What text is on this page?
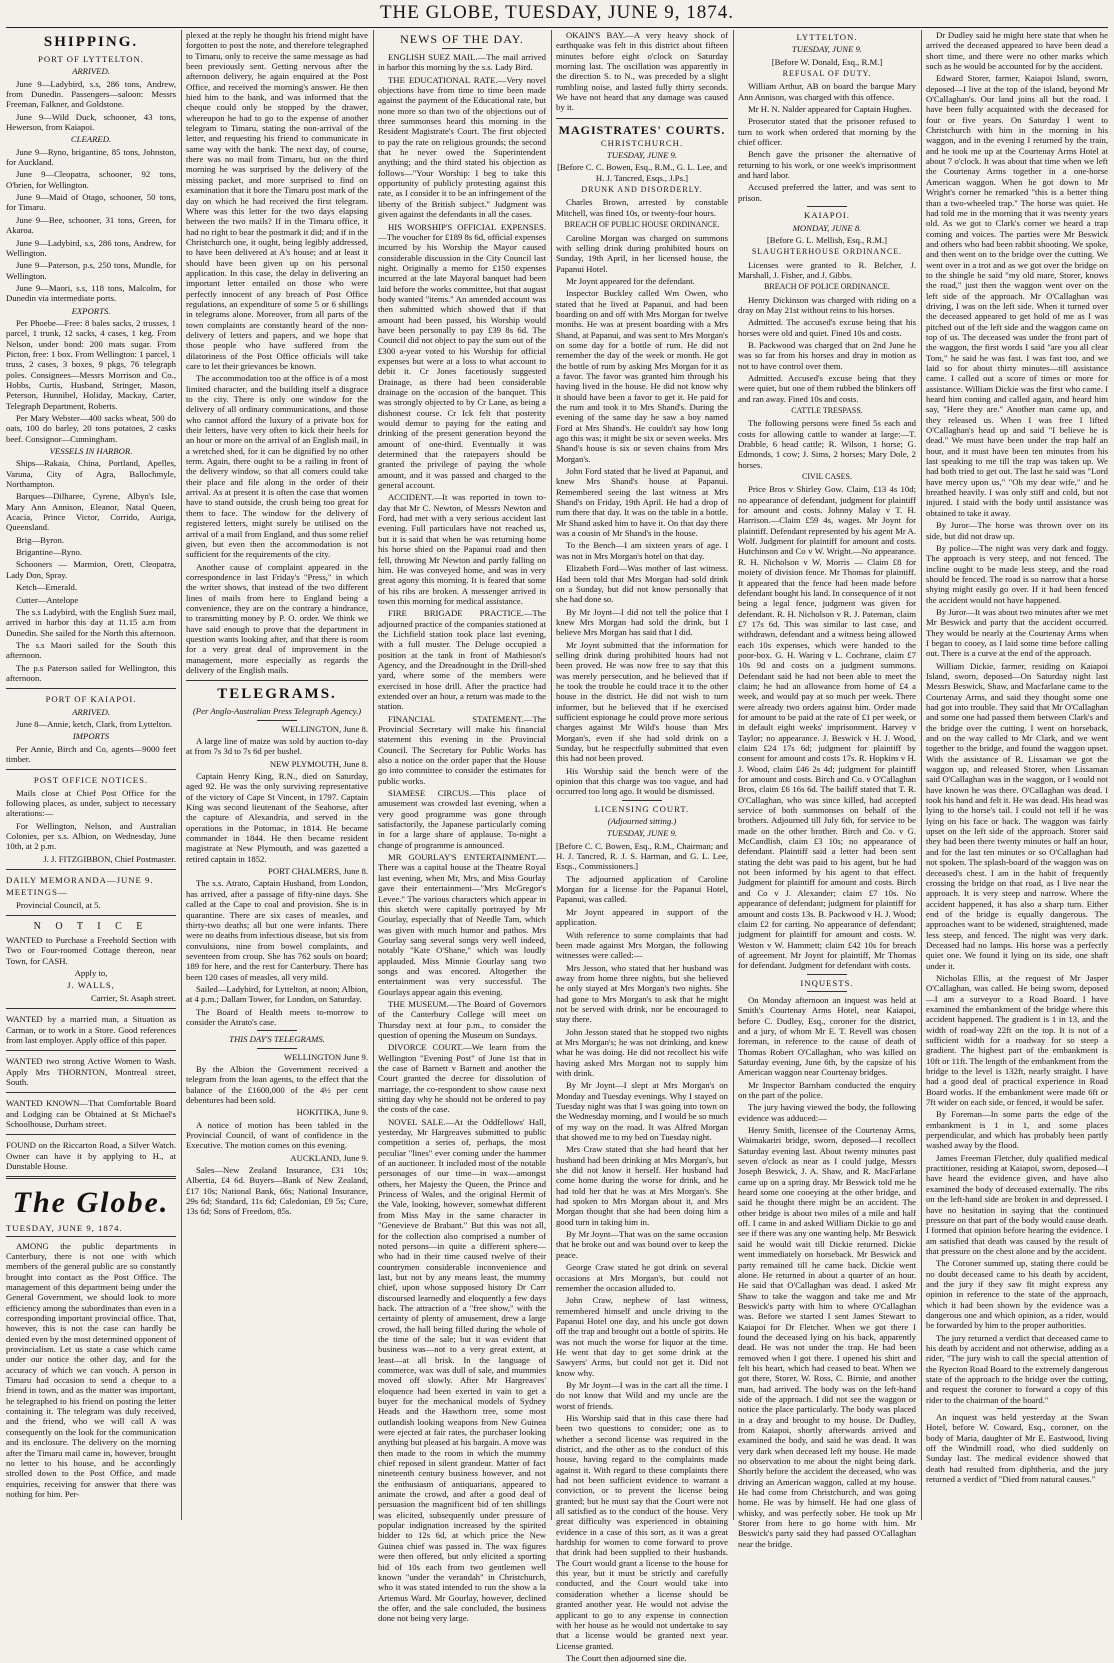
THE GLOBE, TUESDAY, JUNE 9, 1874.
SHIPPING.
PORT OF LYTTELTON.
ARRIVED.

June 9—Ladybird, s.s, 286 tons, Andrew, from Dunedin. Passengers—saloon: Messrs Freeman, Falkner, and Goldstone.

June 9—Wild Duck, schooner, 43 tons, Hewerson, from Kaiapoi.

CLEARED.

June 9—Ryno, brigantine, 85 tons, Johnston, for Auckland.

June 9—Cleopatra, schooner, 92 tons, O'brien, for Wellington.

June 9—Maid of Otago, schooner, 50 tons, for Timaru.

June 9—Bee, schooner, 31 tons, Green, for Akaroa.

June 9—Ladybird, s.s, 286 tons, Andrew, for Wellington.

June 9—Paterson, p.s, 250 tons, Mundle, for Wellington.

June 9—Maori, s.s, 118 tons, Malcolm, for Dunedin via intermediate ports.

EXPORTS.

Per Phoebe—Free: 8 bales sacks, 2 trusses, 1 parcel, 1 trunk, 12 sacks, 4 cases, 1 keg. From Nelson, under bond: 200 mats sugar. From Picton, free: 1 box. From Wellington: 1 parcel, 1 truss, 2 cases, 3 boxes, 9 pkgs, 76 telegraph poles. Consignees—Messrs Morrison and Co., Hobbs, Curtis, Husband, Stringer, Mason, Peterson, Hunnibel, Holiday, Mackay, Carter, Telegraph Department, Roberts.

Per Mary Webster—400 sacks wheat, 500 do oats, 100 do barley, 20 tons potatoes, 2 casks beef. Consignor—Cunningham.

VESSELS IN HARBOR.

Ships—Rakaia, China, Portland, Apelles, Varuna, City of Agra, Ballochmyle, Northampton.

Barques—Dilharee, Cyrene, Albyn's Isle, Mary Ann Annison, Eleanor, Natal Queen, Acacia, Prince Victor, Corrido, Auriga, Queensland.

Brig—Byron.

Brigantine—Ryno.

Schooners — Marmion, Orett, Cleopatra, Lady Don, Spray.

Ketch—Emerald.

Cutter—Antelope

The s.s Ladybird, with the English Suez mail, arrived in harbor this day at 11.15 a.m from Dunedin. She sailed for the North this afternoon.

The s.s Maori sailed for the South this afternoon.

The p.s Paterson sailed for Wellington, this afternoon.

PORT OF KAIAPOI.
ARRIVED.

June 8—Annie, ketch, Clark, from Lyttelton.

IMPORTS

Per Annie, Birch and Co, agents—9000 feet timber.

POST OFFICE NOTICES.

Mails close at Chief Post Office for the following places, as under, subject to necessary alterations:—

For Wellington, Nelson, and Australian Colonies, per s.s. Albion, on Wednesday, June 10th, at 2 p.m.

J. J. FITZGIBBON, Chief Postmaster.

DAILY MEMORANDA—JUNE 9.

MEETINGS—

Provincial Council, at 5.

N O T I C E

WANTED to Purchase a Freehold Section with Two or Four-roomed Cottage thereon, near Town, for CASH.

Apply to,

J. WALLS,

Carrier, St. Asaph street.

WANTED by a married man, a Situation as Carman, or to work in a Store. Good references from last employer. Apply office of this paper.

WANTED two strong Active Women to Wash. Apply Mrs THORNTON, Montreal street, South.

WANTED KNOWN—That Comfortable Board and Lodging can be Obtained at St Michael's Schoolhouse, Durham street.

FOUND on the Riccarton Road, a Silver Watch. Owner can have it by applying to H., at Dunstable House.

The Globe.
TUESDAY, JUNE 9, 1874.

AMONG the public departments in Canterbury, there is not one with which members of the general public are so constantly brought into contact as the Post Office. The management of this department being under the General Government, we should look to more efficiency among the subordinates than even in a corresponding important provincial office. That, however, this is not the case can hardly be denied even by the most determined opponent of provincialism. Let us state a case which came under our notice the other day, and for the accuracy of which we can vouch. A person in Timaru had occasion to send a cheque to a friend in town, and as the matter was important, he telegraphed to his friend on posting the letter containing it. The telegram was duly received, and the friend, who we will call A was consequently on the look for the communication and its enclosure. The delivery on the morning after the Timaru mail came in, however, brought no letter to his house, and he accordingly strolled down to the Post Office, and made enquiries, receiving for answer that there was nothing for him. Per-

plexed at the reply he thought his friend might have forgotten to post the note, and therefore telegraphed to Timaru, only to receive the same message as had been previously sent. Getting nervous after the afternoon delivery, he again enquired at the Post Office, and received the morning's answer. He then hied him to the bank, and was informed that the cheque could only be stopped by the drawer, whereupon he had to go to the expense of another telegram to Timaru, stating the non-arrival of the letter, and requesting his friend to communicate in same way with the bank. The next day, of course, there was no mail from Timaru, but on the third morning he was surprised by the delivery of the missing packet, and more surprised to find on examination that it bore the Timaru post mark of the day on which he had received the first telegram. Where was this letter for the two days elapsing between the two mails? If in the Timaru office, it had no right to bear the postmark it did; and if in the Christchurch one, it ought, being legibly addressed, to have been delivered at A's house; and at least it should have been given up on his personal application. In this case, the delay in delivering an important letter entailed on those who were perfectly innocent of any breach of Post Office regulations, an expenditure of some 5 or 6 shillings in telegrams alone. Moreover, from all parts of the town complaints are constantly heard of the non-delivery of letters and papers, and we hope that those people who have suffered from the dilatoriness of the Post Office officials will take care to let their grievances be known.

The accommodation too at the office is of a most limited character, and the building itself a disgrace to the city. There is only one window for the delivery of all ordinary communications, and those who cannot afford the luxury of a private box for their letters, have very often to kick their heels for an hour or more on the arrival of an English mail, in a wretched shed, for it can be dignified by no other term. Again, there ought to be a railing in front of the delivery window, so that all comers could take their place and file along in the order of their arrival. As at present it is often the case that women have to stand outside, the crush being too great for them to face. The window for the delivery of registered letters, might surely be utilised on the arrival of a mail from England, and thus some relief given, but even then the accommodation is not sufficient for the requirements of the city.

Another cause of complaint appeared in the correspondence in last Friday's "Press," in which the writer shows, that instead of the two different lines of mails from here to England being a convenience, they are on the contrary a hindrance, to transmitting money by P. O. order. We think we have said enough to prove that the department in question wants looking after, and that there is room for a very great deal of improvement in the management, more especially as regards the delivery of the English mails.

TELEGRAMS.
(Per Anglo-Australian Press Telegraph Agency.)

WELLINGTON, June 8.

A large line of maize was sold by auction to-day at from 7s 3d to 7s 6d per bushel.

NEW PLYMOUTH, June 8.

Captain Henry King, R.N., died on Saturday, aged 92. He was the only surviving representative of the victory of Cape St Vincent, in 1797. Captain King was second lieutenant of the Seahorse, after the capture of Alexandria, and served in the operations in the Potomac, in 1814. He became commander in 1844. He then became resident magistrate at New Plymouth, and was gazetted a retired captain in 1852.

PORT CHALMERS, June 8.

The s.s. Atrato, Captain Husband, from London, has arrived, after a passage of fifty-nine days. She called at the Cape to coal and provision. She is in quarantine. There are six cases of measles, and thirty-two deaths; all but one were infants. There were no deaths from infectious disease, but six from convulsions, nine from bowel complaints, and seventeen from croup. She has 762 souls on board; 189 for here, and the rest for Canterbury. There has been 120 cases of measles, all very mild.

Sailed—Ladybird, for Lyttelton, at noon; Albion, at 4 p.m.; Dallam Tower, for London, on Saturday.

The Board of Health meets to-morrow to consider the Atrato's case.

THIS DAY'S TELEGRAMS.

WELLINGTON June 9.

By the Albion the Government received a telegram from the loan agents, to the effect that the balance of the £1600,000 of the 4½ per cent debentures had been sold.

HOKITIKA, June 9.

A notice of motion has been tabled in the Provincial Council, of want of confidence in the Executive. The motion comes on this evening.

AUCKLAND, June 9.

Sales—New Zealand Insurance, £31 10s; Albertia, £4 6d. Buyers—Bank of New Zealand, £17 10s; National Bank, 66s; National Insurance, 29s 6d; Standard, 11s 6d; Caledonian, £9 5s; Cure, 13s 6d; Sons of Freedom, 85s.

NEWS OF THE DAY.

ENGLISH SUEZ MAIL.—The mail arrived in harbor this morning by the s.s. Lady Bird.

THE EDUCATIONAL RATE.—Very novel objections have from time to time been made against the payment of the Educational rate, but none more so than two of the objections out of three summonses heard this morning in the Resident Magistrate's Court. The first objected to pay the rate on religious grounds; the second that he never owed the Superintendent anything; and the third stated his objection as follows—"Your Worship: I beg to take this opportunity of publicly protesting against this rate, as I consider it to be an infringement of the liberty of the British subject." Judgment was given against the defendants in all the cases.

HIS WORSHIP'S OFFICIAL EXPENSES.—The voucher for £189 8s 6d, official expenses incurred by his Worship the Mayor caused considerable discussion in the City Council last night. Originally a memo for £150 expenses incurred at the late Mayoral banquet had been laid before the works committee, but that august body wanted "items." An amended account was then submitted which showed that if that amount had been passed, his Worship would have been personally to pay £39 8s 6d. The Council did not object to pay the sum out of the £300 a-year voted to his Worship for official expenses but were at a loss to what account to debit it. Cr Jones facetiously suggested Drainage, as there had been considerable drainage on the occasion of the banquet. This was strongly objected to by Cr Lane, as being a dishonest course. Cr Ick felt that posterity would demur to paying for the eating and drinking of the present generation beyond the amount of one-third. Eventually it was determined that the ratepayers should be granted the privilege of paying the whole amount, and it was passed and charged to the general account.

ACCIDENT.—It was reported in town to-day that Mr C. Newton, of Messrs Newton and Ford, had met with a very serious accident last evening. Full particulars have not reached us, but it is said that when he was returning home his horse shied on the Papanui road and then fell, throwing Mr Newton and partly falling on him. He was conveyed home, and was in very great agony this morning. It is feared that some of his ribs are broken. A messenger arrived in town this morning for medical assistance.

FIRE BRIGADE PRACTICE.—The adjourned practice of the companies stationed at the Lichfield station took place last evening, with a full muster. The Deluge occupied a position at the tank in front of Mathieson's Agency, and the Dreadnought in the Drill-shed yard, where some of the members were exercised in hose drill. After the practice had extended over an hour, a return was made to the station.

FINANCIAL STATEMENT.—The Provincial Secretary will make his financial statement this evening in the Provincial Council. The Secretary for Public Works has also a notice on the order paper that the House go into committee to consider the estimates for public works.

SIAMESE CIRCUS.—This place of amusement was crowded last evening, when a very good programme was gone through satisfactorily, the Japanese particularly coming in for a large share of applause. To-night a change of programme is announced.

MR GOURLAY'S ENTERTAINMENT.—There was a capital house at the Theatre Royal last evening, when Mr, Mrs, and Miss Gourlay gave their entertainment—"Mrs McGregor's Levee." The various characters which appear in this sketch were capitally portrayed by Mr Gourlay, especially that of Needle Tam, which was given with much humor and pathos. Mrs Gourlay sang several songs very well indeed, notably "Kate O'Shane," which was loudly applauded. Miss Minnie Gourlay sang two songs and was encored. Altogether the entertainment was very successful. The Gourlays appear again this evening.

THE MUSEUM.—The Board of Governors of the Canterbury College will meet on Thursday next at four p.m., to consider the question of opening the Museum on Sundays.

DIVORCE COURT.—We learn from the Wellington "Evening Post" of June 1st that in the case of Barnett v Barnett and another the Court granted the decree for dissolution of marriage, the co-respondent to show cause next sitting day why he should not be ordered to pay the costs of the case.

NOVEL SALE.—At the Oddfellows' Hall, yesterday, Mr Hargreaves submitted to public competition a series of, perhaps, the most peculiar "lines" ever coming under the hammer of an auctioneer. It included most of the notable personages of our time—in wax—amongst others, her Majesty the Queen, the Prince and Princess of Wales, and the original Hermit of the Vale, looking, however, somewhat different from Miss May in the same character in "Genevieve de Brabant." But this was not all, for the collection also comprised a number of noted persons—in quite a different sphere—who had in their time caused twelve of their countrymen considerable inconvenience and last, but not by any means least, the mummy chief, upon whose supposed history Dr Carr discoursed learnedly and eloquently a few days back. The attraction of a "free show," with the certainty of plenty of amusement, drew a large crowd, the hall being filled during the whole of the time of the sale; but it was evident that business was—not to a very great extent, at least—at all brisk. In the language of commerce, wax was dull of sale, and mummies moved off slowly. After Mr Hargreaves' eloquence had been exerted in vain to get a buyer for the mechanical models of Sydney Heads and the Hawthorn tree, some most outlandish looking weapons from New Guinea were ejected at fair rates, the purchaser looking anything but pleased at his bargain. A move was then made to the room in which the mummy chief reposed in silent grandeur. Matter of fact nineteenth century business however, and not the enthusiasm of antiquarians, appeared to animate the crowd, and after a good deal of persuasion the magnificent bid of ten shillings was elicited, subsequently under pressure of popular indignation increased by the spirited bidder to 12s 6d, at which price the New Guinea chief was passed in. The wax figures were then offered, but only elicited a sporting bid of 10s each from two gentlemen well known "under the verandah" in Christchurch, who it was stated intended to run the show a la Artemus Ward. Mr Gourlay, however, declined the offer, and the sale concluded, the business done not being very large.

OKAIN'S BAY.—A very heavy shock of earthquake was felt in this district about fifteen minutes before eight o'clock on Saturday morning last. The oscillation was apparently in the direction S. to N., was preceded by a slight rumbling noise, and lasted fully thirty seconds. We have not heard that any damage was caused by it.

MAGISTRATES' COURTS.
CHRISTCHURCH.
TUESDAY, JUNE 9.

[Before C. C. Bowen, Esq., R.M., G. L. Lee, and H. J. Tancred, Esqs., J.Ps.]

DRUNK AND DISORDERLY.

Charles Brown, arrested by constable Mitchell, was fined 10s, or twenty-four hours.

BREACH OF PUBLIC HOUSE ORDINANCE.

Caroline Morgan was charged on summons with selling drink during prohibited hours on Sunday, 19th April, in her licensed house, the Papanui Hotel.

Mr Joynt appeared for the defendant.

Inspector Buckley called Wm Owen, who stated that he lived at Papanui, and had been boarding on and off with Mrs Morgan for twelve months. He was at present boarding with a Mrs Shand, at Papanui, and was sent to Mrs Morgan's on some day for a bottle of rum. He did not remember the day of the week or month. He got the bottle of rum by asking Mrs Morgan for it as a favor. The favor was granted him through his having lived in the house. He did not know why it should have been a favor to get it. He paid for the rum and took it to Mrs Shand's. During the evening of the same day he saw a boy named Ford at Mrs Shand's. He couldn't say how long ago this was; it might be six or seven weeks. Mrs Shand's house is six or seven chains from Mrs Morgan's.

John Ford stated that he lived at Papanui, and knew Mrs Shand's house at Papanui. Remembered seeing the last witness at Mrs Shand's on Friday, 19th April. He had a drop of rum there that day. It was on the table in a bottle. Mr Shand asked him to have it. On that day there was a cousin of Mr Shand's in the house.

To the Bench—I am sixteen years of age. I was not in Mrs Morgan's hotel on that day.

Elizabeth Ford—Was mother of last witness. Had been told that Mrs Morgan had sold drink on a Sunday, but did not know personally that she had done so.

By Mr Joynt—I did not tell the police that I knew Mrs Morgan had sold the drink, but I believe Mrs Morgan has said that I did.

Mr Joynt submitted that the information for selling drink during prohibited hours had not been proved. He was now free to say that this was merely persecution, and he believed that if he took the trouble he could trace it to the other house in the district. He did not wish to turn informer, but he believed that if he exercised sufficient espionage he could prove more serious charges against Mr Wild's house than Mrs Morgan's, even if she had sold drink on a Sunday, but he respectfully submitted that even this had not been proved.

His Worship said the bench were of the opinion that this charge was too vague, and had occurred too long ago. It would be dismissed.

LICENSING COURT.
(Adjourned sitting.)
TUESDAY, JUNE 9.

[Before C. C. Bowen, Esq., R.M., Chairman; and H. J. Tancred, R. J. S. Harman, and G. L. Lee, Esqs., Commissioners.]

The adjourned application of Caroline Morgan for a license for the Papanui Hotel, Papanui, was called.

Mr Joynt appeared in support of the application.

With reference to some complaints that had been made against Mrs Morgan, the following witnesses were called:—

Mrs Jesson, who stated that her husband was away from home three nights, but she believed he only stayed at Mrs Morgan's two nights. She had gone to Mrs Morgan's to ask that he might not be served with drink, nor be encouraged to stay there.

John Jesson stated that he stopped two nights at Mrs Morgan's; he was not drinking, and knew what he was doing. He did not recollect his wife having asked Mrs Morgan not to supply him with drink.

By Mr Joynt—I slept at Mrs Morgan's on Monday and Tuesday evenings. Why I stayed on Tuesday night was that I was going into town on the Wednesday morning, and I would be so much of my way on the road. It was Alfred Morgan that showed me to my bed on Tuesday night.

Mrs Craw stated that she had heard that her husband had been drinking at Mrs Morgan's, but she did not know it herself. Her husband had come home during the worse for drink, and he had told her that he was at Mrs Morgan's. She had spoken to Mrs Morgan about it, and Mrs Morgan thought that she had been doing him a good turn in taking him in.

By Mr Joynt—That was on the same occasion that he broke out and was bound over to keep the peace.

George Craw stated he got drink on several occasions at Mrs Morgan's, but could not remember the occasion alluded to.

John Craw, nephew of last witness, remembered himself and uncle driving to the Papanui Hotel one day, and his uncle got down off the trap and brought out a bottle of spirits. He was not much the worse for liquor at the time. He went that day to get some drink at the Sawyers' Arms, but could not get it. Did not know why.

By Mr Joynt—I was in the cart all the time. I do not know that Wild and my uncle are the worst of friends.

His Worship said that in this case there had been two questions to consider; one as to whether a second license was required in the district, and the other as to the conduct of this house, having regard to the complaints made against it. With regard to these complaints there had not been sufficient evidence to warrant a conviction, or to prevent the license being granted; but he must say that the Court were not all satisfied as to the conduct of the house. Very great difficulty was experienced in obtaining evidence in a case of this sort, as it was a great hardship for women to come forward to prove that drink had been supplied to their husbands. The Court would grant a license to the house for this year, but it must be strictly and carefully conducted, and the Court would take into consideration whether a license should be granted another year. He would not advise the applicant to go to any expense in connection with her house as he would not undertake to say that a license would be granted next year. License granted.

The Court then adjourned sine die.

LYTTELTON.
TUESDAY, JUNE 9.

[Before W. Donald, Esq., R.M.]

REFUSAL OF DUTY.

William Arthur, AB on board the barque Mary Ann Annison, was charged with this offence.

Mr H. N. Nalder appeared for Captain Hughes.

Prosecutor stated that the prisoner refused to turn to work when ordered that morning by the chief officer.

Bench gave the prisoner the alternative of returning to his work, or one week's imprisonment and hard labor.

Accused preferred the latter, and was sent to prison.

KAIAPOI.
MONDAY, JUNE 8.

[Before G. L. Mellish, Esq., R.M.]

SLAUGHTERHOUSE ORDINANCE.

Licenses were granted to R. Belcher, J. Marshall, J. Fisher, and J. Gibbs.

BREACH OF POLICE ORDINANCE.

Henry Dickinson was charged with riding on a dray on May 21st without reins to his horses.

Admitted. The accused's excuse being that his horses were old and quiet. Fined 10s and costs.

B. Packwood was charged that on 2nd June he was so far from his horses and dray in motion as not to have control over them.

Admitted. Accused's excuse being that they were quiet, but one of them rubbed the blinkers off and ran away. Fined 10s and costs.

CATTLE TRESPASS.

The following persons were fined 5s each and costs for allowing cattle to wander at large:—T. Drabble, 6 head cattle; R. Wilson, 1 horse; G. Edmonds, 1 cow; J. Sims, 2 horses; Mary Dole, 2 horses.

CIVIL CASES.

Price Bros v Shirley Gow. Claim, £13 4s 10d; no appearance of defendant, judgment for plaintiff for amount and costs. Johnny Malay v T. H. Harrison.—Claim £59 4s, wages. Mr Joynt for plaintiff. Defendant represented by his agent Mr A. Wolf. Judgment for plaintiff for amount and costs. Hutchinson and Co v W. Wright.—No appearance. R. H. Nicholson v W. Morris — Claim £8 for moiety of division fence. Mr Thomas for plaintiff. It appeared that the fence had been made before defendant bought his land. In consequence of it not being a legal fence, judgment was given for defendant. R. H. Nicholson v R. J. Pateman, claim £7 17s 6d. This was similar to last case, and withdrawn, defendant and a witness being allowed each 10s expenses, which were handed to the poor-box. G. H. Waring v L. Cochrane, claim £7 10s 9d and costs on a judgment summons. Defendant said he had not been able to meet the claim; he had an allowance from home of £4 a week, and would pay at so much per week. There were already two orders against him. Order made for amount to be paid at the rate of £1 per week, or in default eight weeks' imprisonment. Harvey v Taylor; no appearance. J. Beswick v H. J. Wood, claim £24 17s 6d; judgment for plaintiff by consent for amount and costs 17s. R. Hopkins v H. J. Wood, claim £46 2s 4d; judgment for plaintiff for amount and costs. Birch and Co. v O'Callaghan Bros, claim £6 16s 6d. The bailiff stated that T. R. O'Callaghan, who was since killed, had accepted service of both summonses on behalf of the brothers. Adjourned till July 6th, for service to be made on the other brother. Birch and Co. v G. McCandlish, claim £3 10s; no appearance of defendant. Plaintiff said a letter had been sent stating the debt was paid to his agent, but he had not been informed by his agent to that effect. Judgment for plaintiff for amount and costs. Birch and Co v J. Alexander; claim £7 10s. No appearance of defendant; judgment for plaintiff for amount and costs 13s. B. Packwood v H. J. Wood; claim £2 for carting. No appearance of defendant; judgment for plaintiff for amount and costs. W. Weston v W. Hammett; claim £42 10s for breach of agreement. Mr Joynt for plaintiff, Mr Thomas for defendant. Judgment for defendant with costs.

INQUESTS.

On Monday afternoon an inquest was held at Smith's Courtenay Arms Hotel, near Kaiapoi, before C. Dudley, Esq., coroner for the district, and a jury, of whom Mr E. T. Revell was chosen foreman, in reference to the cause of death of Thomas Robert O'Callaghan, who was killed on Saturday evening, June 6th, by the capsize of his American waggon near Courtenay bridges.

Mr Inspector Barnham conducted the enquiry on the part of the police.

The jury having viewed the body, the following evidence was adduced:—

Henry Smith, licensee of the Courtenay Arms, Waimakariri bridge, sworn, deposed—I recollect Saturday evening last. About twenty minutes past seven o'clock as near as I could judge, Messrs Joseph Beswick, J. A. Shaw, and R. MacFarlane came up on a spring dray. Mr Beswick told me he heard some one cooeying at the other bridge, and said he thought there might be an accident. The other bridge is about two miles of a mile and half off. I came in and asked William Dickie to go and see if there was any one wanting help. Mr Beswick said he would wait till Dickie returned. Dickie went immediately on horseback. Mr Beswick and party remained till he came back. Dickie went alone. He returned in about a quarter of an hour. He said that O'Callaghan was dead. I asked Mr Shaw to take the waggon and take me and Mr Beswick's party with him to where O'Callaghan was. Before we started I sent James Stewart to Kaiapoi for Dr Fletcher. When we got there I found the deceased lying on his back, apparently dead. He was not under the trap. He had been removed when I got there. I opened his shirt and felt his heart, which had ceased to beat. When we got there, Storer, W. Ross, C. Birnie, and another man, had arrived. The body was on the left-hand side of the approach. I did not see the waggon or notice the place particularly. The body was placed in a dray and brought to my house. Dr Dudley, from Kaiapoi, shortly afterwards arrived and examined the body, and said he was dead. It was very dark when deceased left my house. He made no observation to me about the night being dark. Shortly before the accident the deceased, who was driving an American waggon, called at my house. He had come from Christchurch, and was going home. He was by himself. He had one glass of whisky, and was perfectly sober. He took up Mr Storer from here to go home with him. Mr Beswick's party said they had passed O'Callaghan near the bridge.

Dr Dudley said he might here state that when he arrived the deceased appeared to have been dead a short time, and there were no other marks which such as he would be accounted for by the accident.

Edward Storer, farmer, Kaiapoi Island, sworn, deposed—I live at the top of the island, beyond Mr O'Callaghan's. Our land joins all but the road. I have been fully acquainted with the deceased for four or five years. On Saturday I went to Christchurch with him in the morning in his waggon, and in the evening I returned by the train, and he took me up at the Courtenay Arms Hotel at about 7 o'clock. It was about that time when we left the Courtenay Arms together in a one-horse American waggon. When he got down to Mr Wright's corner he remarked "this is a better thing than a two-wheeled trap." The horse was quiet. He had told me in the morning that it was twenty years old. As we got to Clark's corner we heard a trap coming and voices. The parties were Mr Beswick and others who had been rabbit shooting. We spoke, and then went on to the bridge over the cutting. We went over in a trot and as we got over the bridge on to the shingle he said "my old mare, Storer, knows the road," just then the waggon went over on the left side of the approach. Mr O'Callaghan was driving, I was on the left side. When it turned over the deceased appeared to get hold of me as I was pitched out of the left side and the waggon came on top of us. The deceased was under the front part of the waggon, the first words I said "are you all clear Tom," he said he was fast. I was fast too, and we laid so for about thirty minutes—till assistance came. I called out a score of times or more for assistance. William Dickie was the first who came. I heard him coming and called again, and heard him say, "Here they are." Another man came up, and they released us. When I was free I lifted O'Callaghan's head up and said "I believe he is dead." We must have been under the trap half an hour, and it must have been ten minutes from his last speaking to me till the trap was taken up. We had both tried to get out. The last he said was "Lord have mercy upon us," "Oh my dear wife," and he breathed heavily. I was only stiff and cold, but not injured. I staid with the body until assistance was obtained to take it away.

By Juror—The horse was thrown over on its side, but did not draw up.

By police—The night was very dark and foggy. The approach is very steep, and not fenced. The incline ought to be made less steep, and the road should be fenced. The road is so narrow that a horse shying might easily go over. If it had been fenced the accident would not have happened.

By Juror—It was about two minutes after we met Mr Beswick and party that the accident occurred. They would be nearly at the Courtenay Arms when I began to cooey, as I laid some time before calling out. There is a curve at the end of the approach.

William Dickie, farmer, residing on Kaiapoi Island, sworn, deposed—On Saturday night last Messrs Beswick, Shaw, and Macfarlane came to the Courtenay Arms, and said they thought some one had got into trouble. They said that Mr O'Callaghan and some one had passed them between Clark's and the bridge over the cutting. I went on horseback, and on the way called to Mr Clark, and we went together to the bridge, and found the waggon upset. With the assistance of R. Lissaman we got the waggon up, and released Storer, when Lissaman said O'Callaghan was in the waggon, or I would not have known he was there. O'Callaghan was dead. I took his hand and felt it. He was dead. His head was lying to the horse's tail. I could not tell if he was lying on his face or back. The waggon was fairly upset on the left side of the approach. Storer said they had been there twenty minutes or half an hour, and for the last ten minutes or so O'Callaghan had not spoken. The splash-board of the waggon was on deceased's chest. I am in the habit of frequently crossing the bridge on that road, as I live near the approach. It is very steep and narrow. Where the accident happened, it has also a sharp turn. Either end of the bridge is equally dangerous. The approaches want to be widened, straightened, made less steep, and fenced. The night was very dark. Deceased had no lamps. His horse was a perfectly quiet one. We found it lying on its side, one shaft under it.

Nicholas Ellis, at the request of Mr Jasper O'Callaghan, was called. He being sworn, deposed—I am a surveyor to a Road Board. I have examined the embankment of the bridge where this accident happened. The gradient is 1 in 13, and the width of road-way 22ft on the top. It is not of a sufficient width for a roadway for so steep a gradient. The highest part of the embankment is 10ft or 11ft. The length of the embankment from the bridge to the level is 132ft, nearly straight. I have had a good deal of practical experience in Road Board works. If the embankment were made 6ft or 7ft wider on each side, or fenced, it would be safer.

By Foreman—In some parts the edge of the embankment is 1 in 1, and some places perpendicular, and which has probably been partly washed away by the flood.

James Freeman Fletcher, duly qualified medical practitioner, residing at Kaiapoi, sworn, deposed—I have heard the evidence given, and have also examined the body of deceased externally. The ribs on the left-hand side are broken in and depressed. I have no hesitation in saying that the continued pressure on that part of the body would cause death. I formed that opinion before hearing the evidence. I am satisfied that death was caused by the result of that pressure on the chest alone and by the accident.

The Coroner summed up, stating there could be no doubt deceased came to his death by accident, and the jury if they saw fit might express any opinion in reference to the state of the approach, which it had been shown by the evidence was a dangerous one and which opinion, as a rider, would be forwarded by him to the proper authorities.

The jury returned a verdict that deceased came to his death by accident and not otherwise, adding as a rider, "The jury wish to call the special attention of the Ryecton Road Board to the extremely dangerous state of the approach to the bridge over the cutting, and request the coroner to forward a copy of this rider to the chairman of the board."

An inquest was held yesterday at the Swan Hotel, before W. Coward, Esq., coroner, on the body of Maria, daughter of Mr E. Eastwood, living off the Windmill road, who died suddenly on Sunday last. The medical evidence showed that death had resulted from diphtheria, and the jury returned a verdict of "Died from natural causes."
